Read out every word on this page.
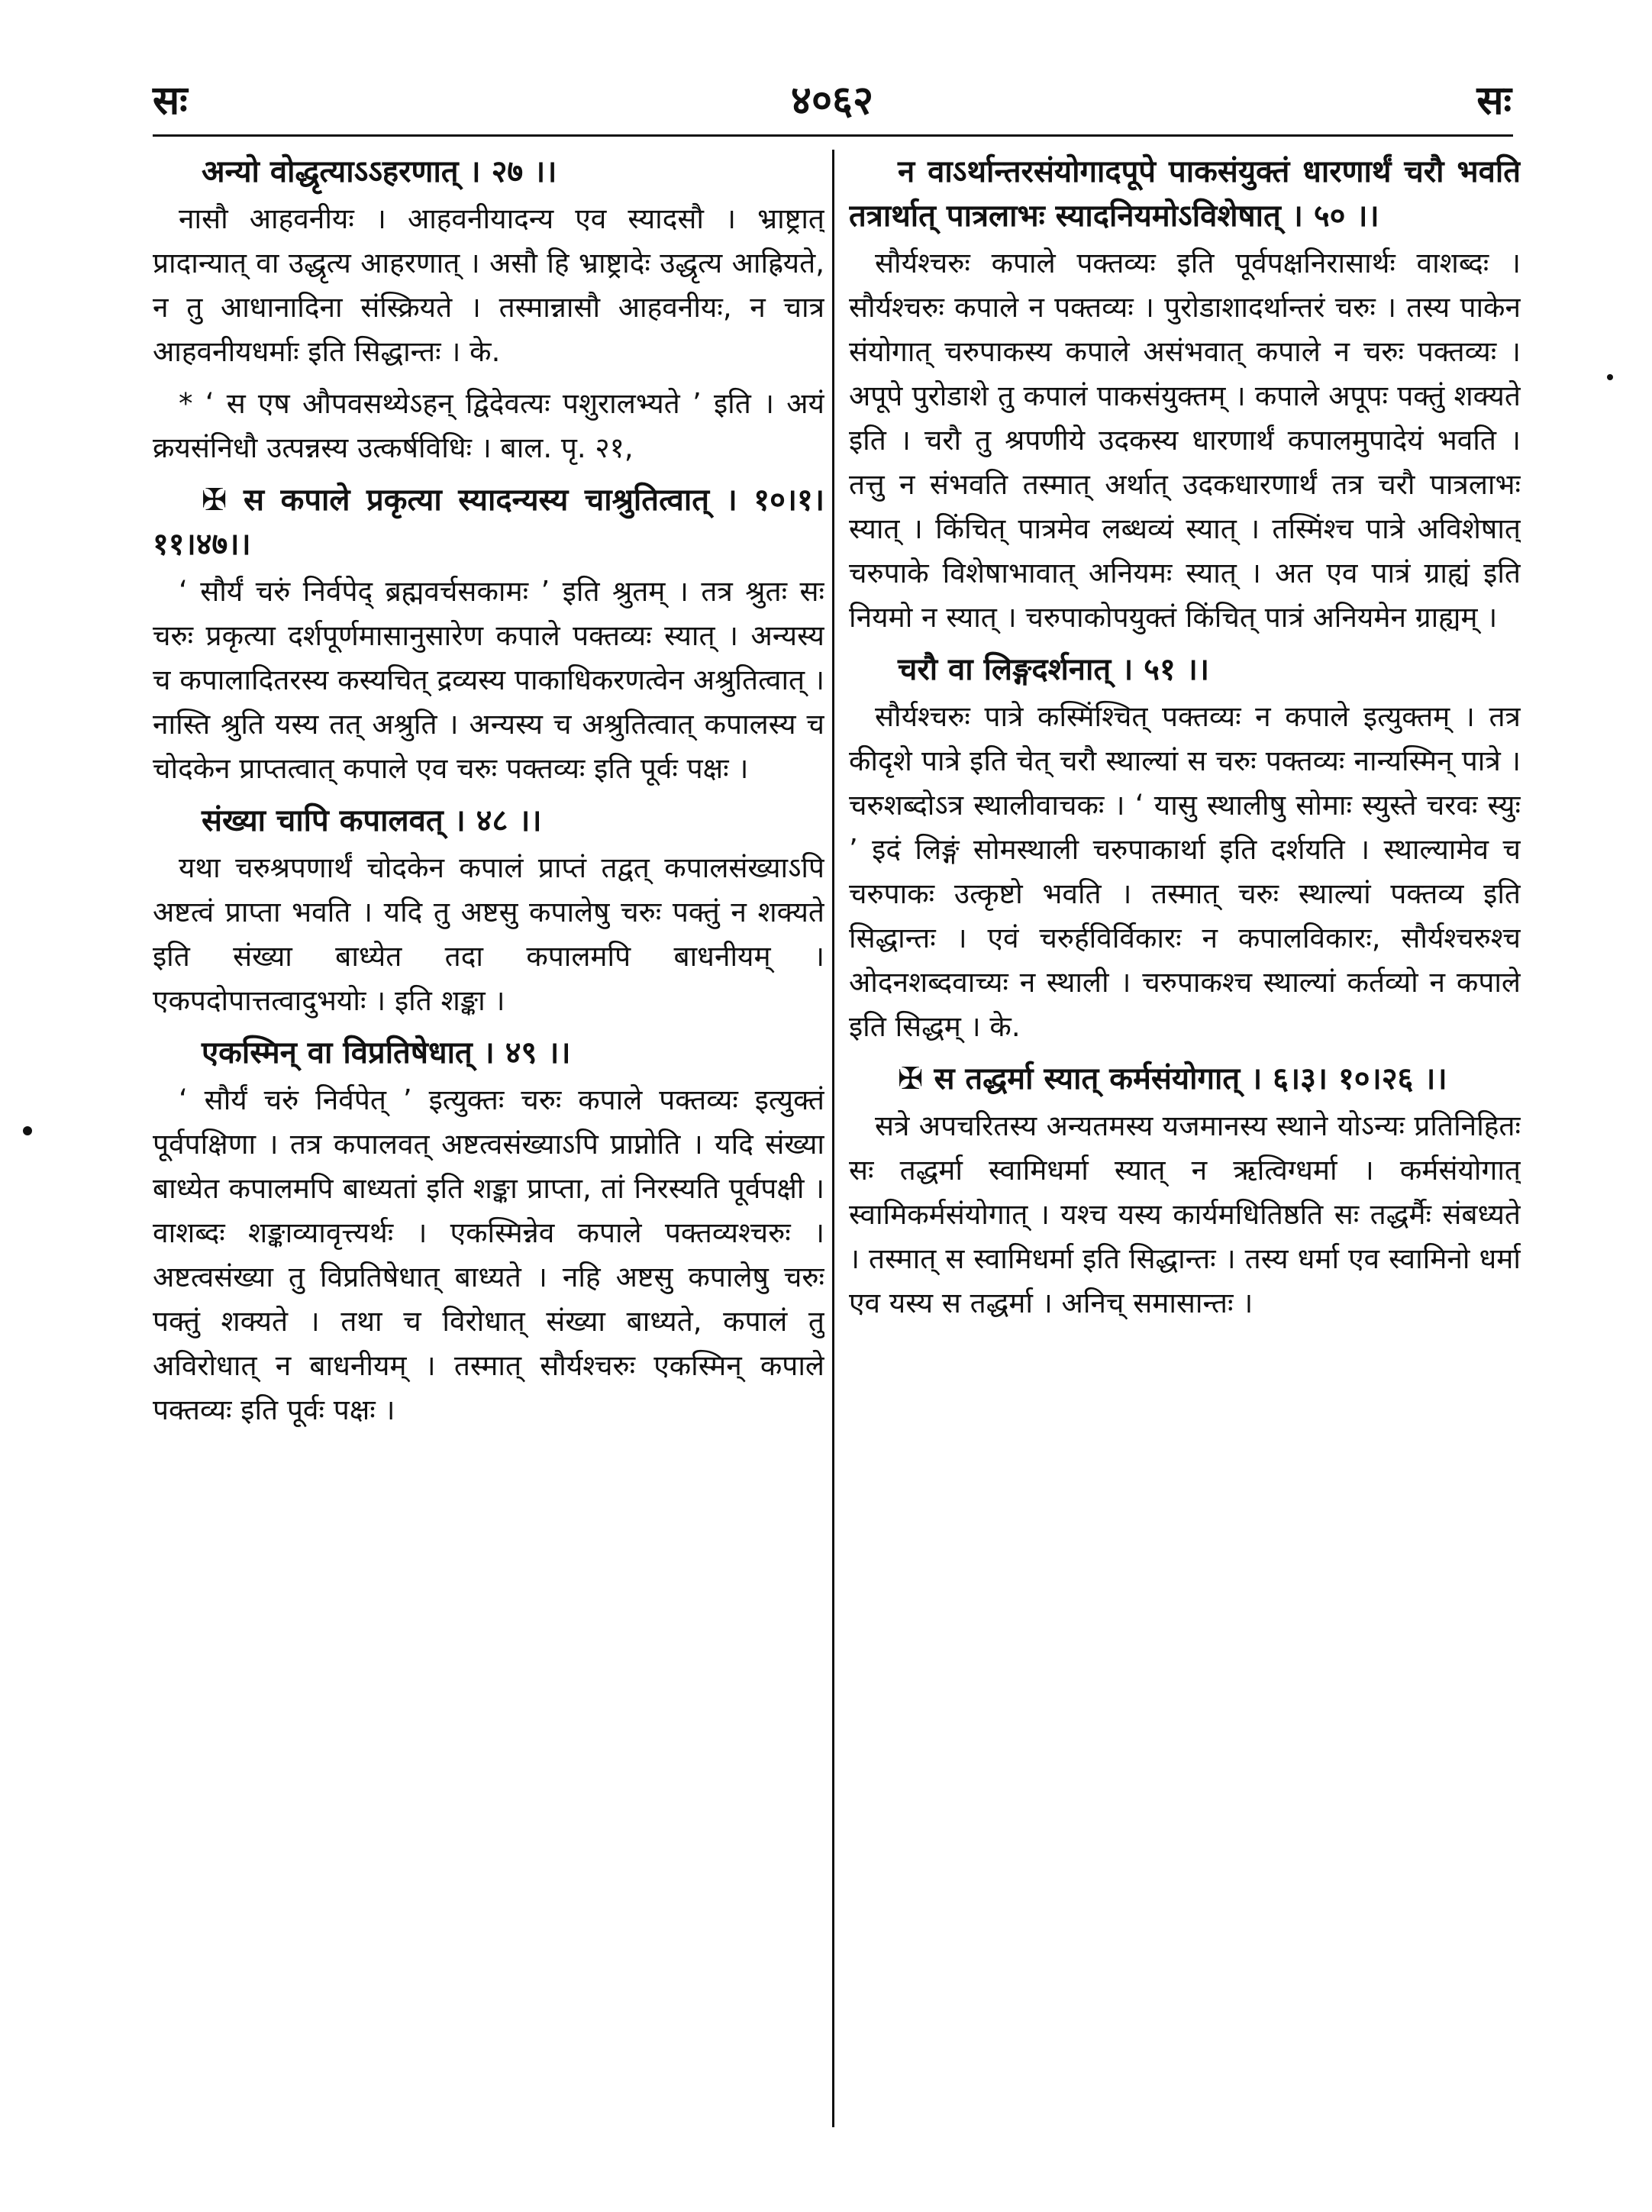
सः	४०६२	सः

अन्यो वोद्धृत्याऽऽहरणात् । २७ ।।

नासौ आहवनीयः । आहवनीयादन्य एव स्यादसौ । भ्राष्ट्रात् प्रादान्यात् वा उद्धृत्य आहरणात् । असौ हि भ्राष्ट्रादेः उद्धृत्य आह्रियते, न तु आधानादिना संस्क्रियते । तस्मान्नासौ आहवनीयः, न चात्र आहवनीयधर्माः इति सिद्धान्तः । के.

* ‘ स एष औपवसथ्येऽहन् द्विदेवत्यः पशुरालभ्यते ’ इति । अयं क्रयसंनिधौ उत्पन्नस्य उत्कर्षविधिः । बाल. पृ. २१,

✠ स कपाले प्रकृत्या स्यादन्यस्य चाश्रुतित्वात् । १०।१।११।४७।।

‘ सौर्यं चरुं निर्वपेद् ब्रह्मवर्चसकामः ’ इति श्रुतम् । तत्र श्रुतः सः चरुः प्रकृत्या दर्शपूर्णमासानुसारेण कपाले पक्तव्यः स्यात् । अन्यस्य च कपालादितरस्य कस्यचित् द्रव्यस्य पाकाधिकरणत्वेन अश्रुतित्वात् । नास्ति श्रुति यस्य तत् अश्रुति । अन्यस्य च अश्रुतित्वात् कपालस्य च चोदकेन प्राप्तत्वात् कपाले एव चरुः पक्तव्यः इति पूर्वः पक्षः ।

संख्या चापि कपालवत् । ४८ ।।

यथा चरुश्रपणार्थं चोदकेन कपालं प्राप्तं तद्वत् कपालसंख्याऽपि अष्टत्वं प्राप्ता भवति । यदि तु अष्टसु कपालेषु चरुः पक्तुं न शक्यते इति संख्या बाध्येत तदा कपालमपि बाधनीयम् । एकपदोपात्तत्वादुभयोः । इति शङ्का ।

एकस्मिन् वा विप्रतिषेधात् । ४९ ।।

‘ सौर्यं चरुं निर्वपेत् ’ इत्युक्तः चरुः कपाले पक्तव्यः इत्युक्तं पूर्वपक्षिणा । तत्र कपालवत् अष्टत्वसंख्याऽपि प्राप्नोति । यदि संख्या बाध्येत कपालमपि बाध्यतां इति शङ्का प्राप्ता, तां निरस्यति पूर्वपक्षी । वाशब्दः शङ्काव्यावृत्त्यर्थः । एकस्मिन्नेव कपाले पक्तव्यश्चरुः । अष्टत्वसंख्या तु विप्रतिषेधात् बाध्यते । नहि अष्टसु कपालेषु चरुः पक्तुं शक्यते । तथा च विरोधात् संख्या बाध्यते, कपालं तु अविरोधात् न बाधनीयम् । तस्मात् सौर्यश्चरुः एकस्मिन् कपाले पक्तव्यः इति पूर्वः पक्षः ।

न वाऽर्थान्तरसंयोगादपूपे पाकसंयुक्तं धारणार्थं चरौ भवति तत्रार्थात् पात्रलाभः स्यादनियमोऽविशेषात् । ५० ।।

सौर्यश्चरुः कपाले पक्तव्यः इति पूर्वपक्षनिरासार्थः वाशब्दः । सौर्यश्चरुः कपाले न पक्तव्यः । पुरोडाशादर्थान्तरं चरुः । तस्य पाकेन संयोगात् चरुपाकस्य कपाले असंभवात् कपाले न चरुः पक्तव्यः । अपूपे पुरोडाशे तु कपालं पाकसंयुक्तम् । कपाले अपूपः पक्तुं शक्यते इति । चरौ तु श्रपणीये उदकस्य धारणार्थं कपालमुपादेयं भवति । तत्तु न संभवति तस्मात् अर्थात् उदकधारणार्थं तत्र चरौ पात्रलाभः स्यात् । किंचित् पात्रमेव लब्धव्यं स्यात् । तस्मिंश्च पात्रे अविशेषात् चरुपाके विशेषाभावात् अनियमः स्यात् । अत एव पात्रं ग्राह्यं इति नियमो न स्यात् । चरुपाकोपयुक्तं किंचित् पात्रं अनियमेन ग्राह्यम् ।

चरौ वा लिङ्गदर्शनात् । ५१ ।।

सौर्यश्चरुः पात्रे कस्मिंश्चित् पक्तव्यः न कपाले इत्युक्तम् । तत्र कीदृशे पात्रे इति चेत् चरौ स्थाल्यां स चरुः पक्तव्यः नान्यस्मिन् पात्रे । चरुशब्दोऽत्र स्थालीवाचकः । ‘ यासु स्थालीषु सोमाः स्युस्ते चरवः स्युः ’ इदं लिङ्गं सोमस्थाली चरुपाकार्था इति दर्शयति । स्थाल्यामेव च चरुपाकः उत्कृष्टो भवति । तस्मात् चरुः स्थाल्यां पक्तव्य इति सिद्धान्तः । एवं चरुर्हविर्विकारः न कपालविकारः, सौर्यश्चरुश्च ओदनशब्दवाच्यः न स्थाली । चरुपाकश्च स्थाल्यां कर्तव्यो न कपाले इति सिद्धम् । के.

✠ स तद्धर्मा स्यात् कर्मसंयोगात् । ६।३। १०।२६ ।।

सत्रे अपचरितस्य अन्यतमस्य यजमानस्य स्थाने योऽन्यः प्रतिनिहितः सः तद्धर्मा स्वामिधर्मा स्यात् न ऋत्विग्धर्मा । कर्मसंयोगात् स्वामिकर्मसंयोगात् । यश्च यस्य कार्यमधितिष्ठति सः तद्धर्मैः संबध्यते । तस्मात् स स्वामिधर्मा इति सिद्धान्तः । तस्य धर्मा एव स्वामिनो धर्मा एव यस्य स तद्धर्मा । अनिच् समासान्तः ।
